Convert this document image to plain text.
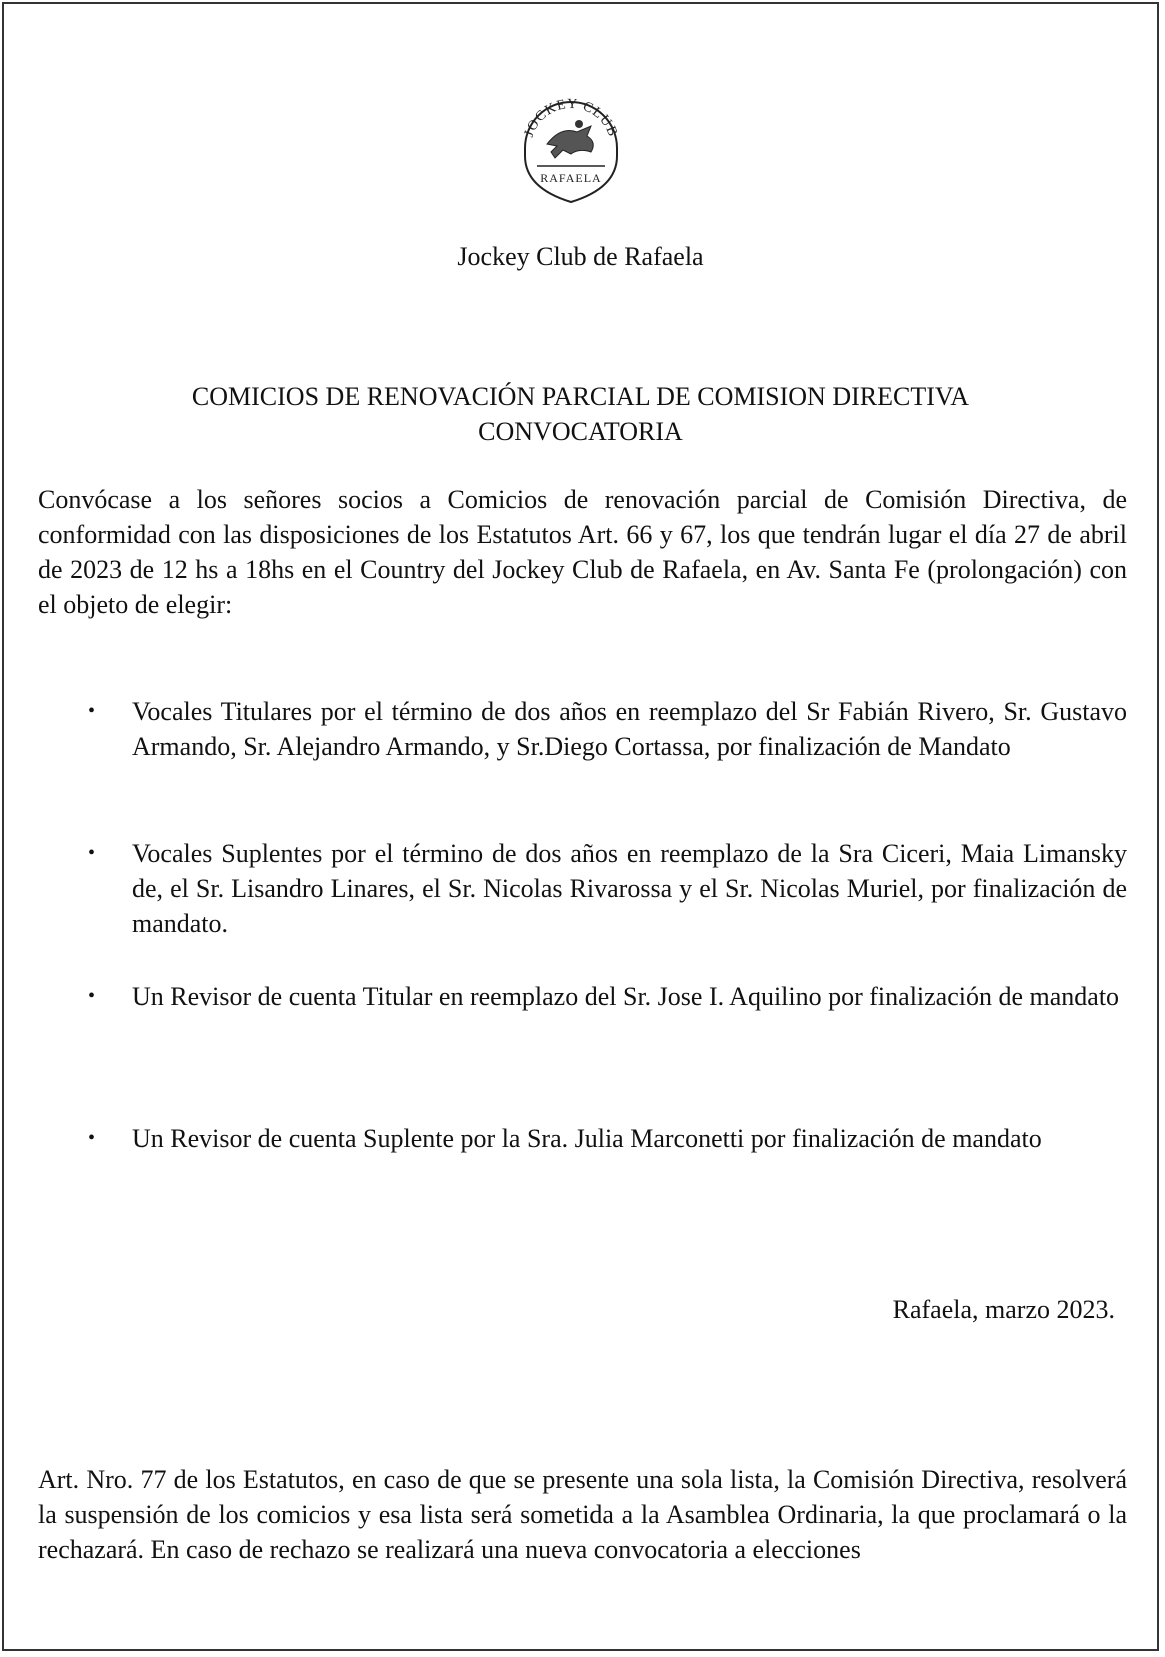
JOCKEY CLUB
RAFAELA

Jockey Club de Rafaela

COMICIOS DE RENOVACIÓN PARCIAL DE COMISION DIRECTIVA

CONVOCATORIA

Convócase a los señores socios a Comicios de renovación parcial de Comisión Directiva, de conformidad con las disposiciones de los Estatutos Art. 66 y 67, los que tendrán lugar el día 27 de abril de 2023 de 12 hs a 18hs en el Country del Jockey Club de Rafaela, en Av. Santa Fe (prolongación) con el objeto de elegir:

•	Vocales Titulares por el término de dos años en reemplazo del Sr Fabián Rivero, Sr. Gustavo Armando, Sr. Alejandro Armando, y Sr.Diego Cortassa, por finalización de Mandato
•	Vocales Suplentes por el término de dos años en reemplazo de la Sra Ciceri, Maia Limansky de, el Sr. Lisandro Linares, el Sr. Nicolas Rivarossa y el Sr. Nicolas Muriel, por finalización de mandato.
•	Un Revisor de cuenta Titular en reemplazo del Sr. Jose I. Aquilino por finalización de mandato
•	Un Revisor de cuenta Suplente por la Sra. Julia Marconetti por finalización de mandato

Rafaela, marzo 2023.

Art. Nro. 77 de los Estatutos, en caso de que se presente una sola lista, la Comisión Directiva, resolverá la suspensión de los comicios y esa lista será sometida a la Asamblea Ordinaria, la que proclamará o la rechazará. En caso de rechazo se realizará una nueva convocatoria a elecciones
